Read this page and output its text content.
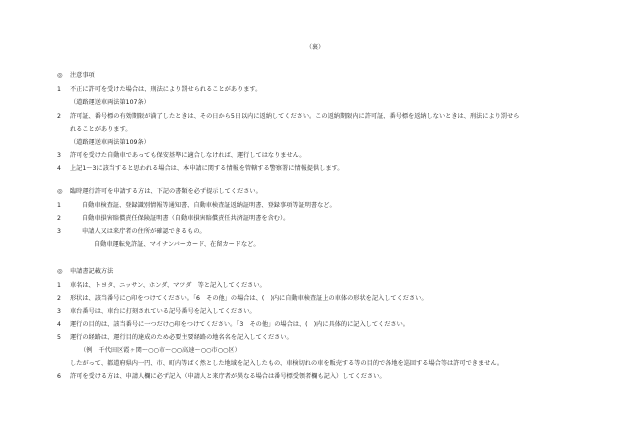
（裏）
◎ 注意事項
1 不正に許可を受けた場合は、刑法により罰せられることがあります。
（道路運送車両法第107条）
2 許可証、番号標の有効期限が満了したときは、その日から5日以内に返納してください。この返納期限内に許可証、番号標を返納しないときは、刑法により罰せら
れることがあります。
（道路運送車両法第109条）
3 許可を受けた自動車であっても保安基準に適合しなければ、運行してはなりません。
4 上記1～3に該当すると思われる場合は、本申請に関する情報を管轄する警察署に情報提供します。
◎ 臨時運行許可を申請する方は、下記の書類を必ず提示してください。
1	自動車検査証、登録識別情報等通知書、自動車検査証返納証明書、登録事項等証明書など。
2	自動車損害賠償責任保険証明書（自動車損害賠償責任共済証明書を含む）。
3	申請人又は来庁者の住所が確認できるもの。
自動車運転免許証、マイナンバーカード、在留カードなど。
◎ 申請書記載方法
1 車名は、トヨタ、ニッサン、ホンダ、マツダ　等と記入してください。
2 形状は、該当番号に○印をつけてください。「6　その他」の場合は、(　)内に自動車検査証上の車体の形状を記入してください。
3 車台番号は、車台に打刻されている記号番号を記入してください。
4 運行の目的は、該当番号に一つだけ○印をつけてください。「3　その他」の場合は、(　)内に具体的に記入してください。
5 運行の経路は、運行目的達成のため必要主要経路の地名名を記入してください。
（例　千代田区霞ヶ関～○○市～○○高速～○○市○○区）
したがって、都道府県内一円、市、町内等ばく然とした地域を記入したもの、車検切れの車を販売する等の目的で各地を巡回する場合等は許可できません。
6 許可を受ける方は、申請人欄に必ず記入（申請人と来庁者が異なる場合は番号標受領者欄も記入）してください。
